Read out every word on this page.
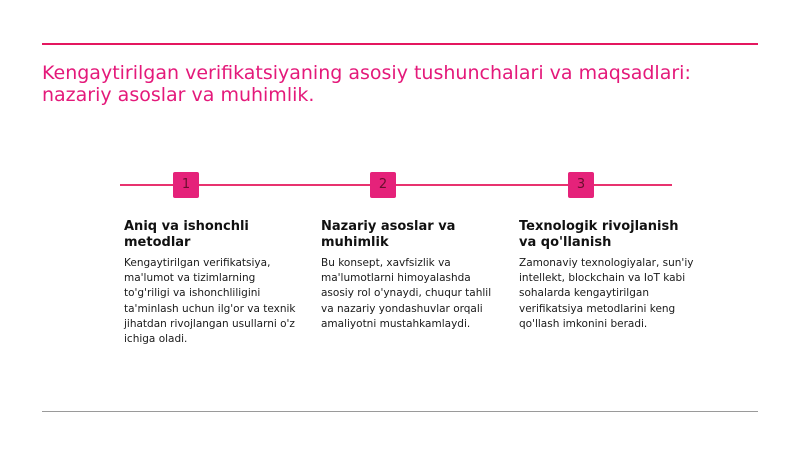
Kengaytirilgan verifikatsiyaning asosiy tushunchalari va maqsadlari: nazariy asoslar va muhimlik.
1	2	3
Aniq va ishonchli metodlar

Kengaytirilgan verifikatsiya, ma'lumot va tizimlarning to'g'riligi va ishonchliligini ta'minlash uchun ilg'or va texnik jihatdan rivojlangan usullarni o'z ichiga oladi.

Nazariy asoslar va muhimlik

Bu konsept, xavfsizlik va ma'lumotlarni himoyalashda asosiy rol o'ynaydi, chuqur tahlil va nazariy yondashuvlar orqali amaliyotni mustahkamlaydi.

Texnologik rivojlanish va qo'llanish

Zamonaviy texnologiyalar, sun'iy intellekt, blockchain va IoT kabi sohalarda kengaytirilgan verifikatsiya metodlarini keng qo'llash imkonini beradi.
